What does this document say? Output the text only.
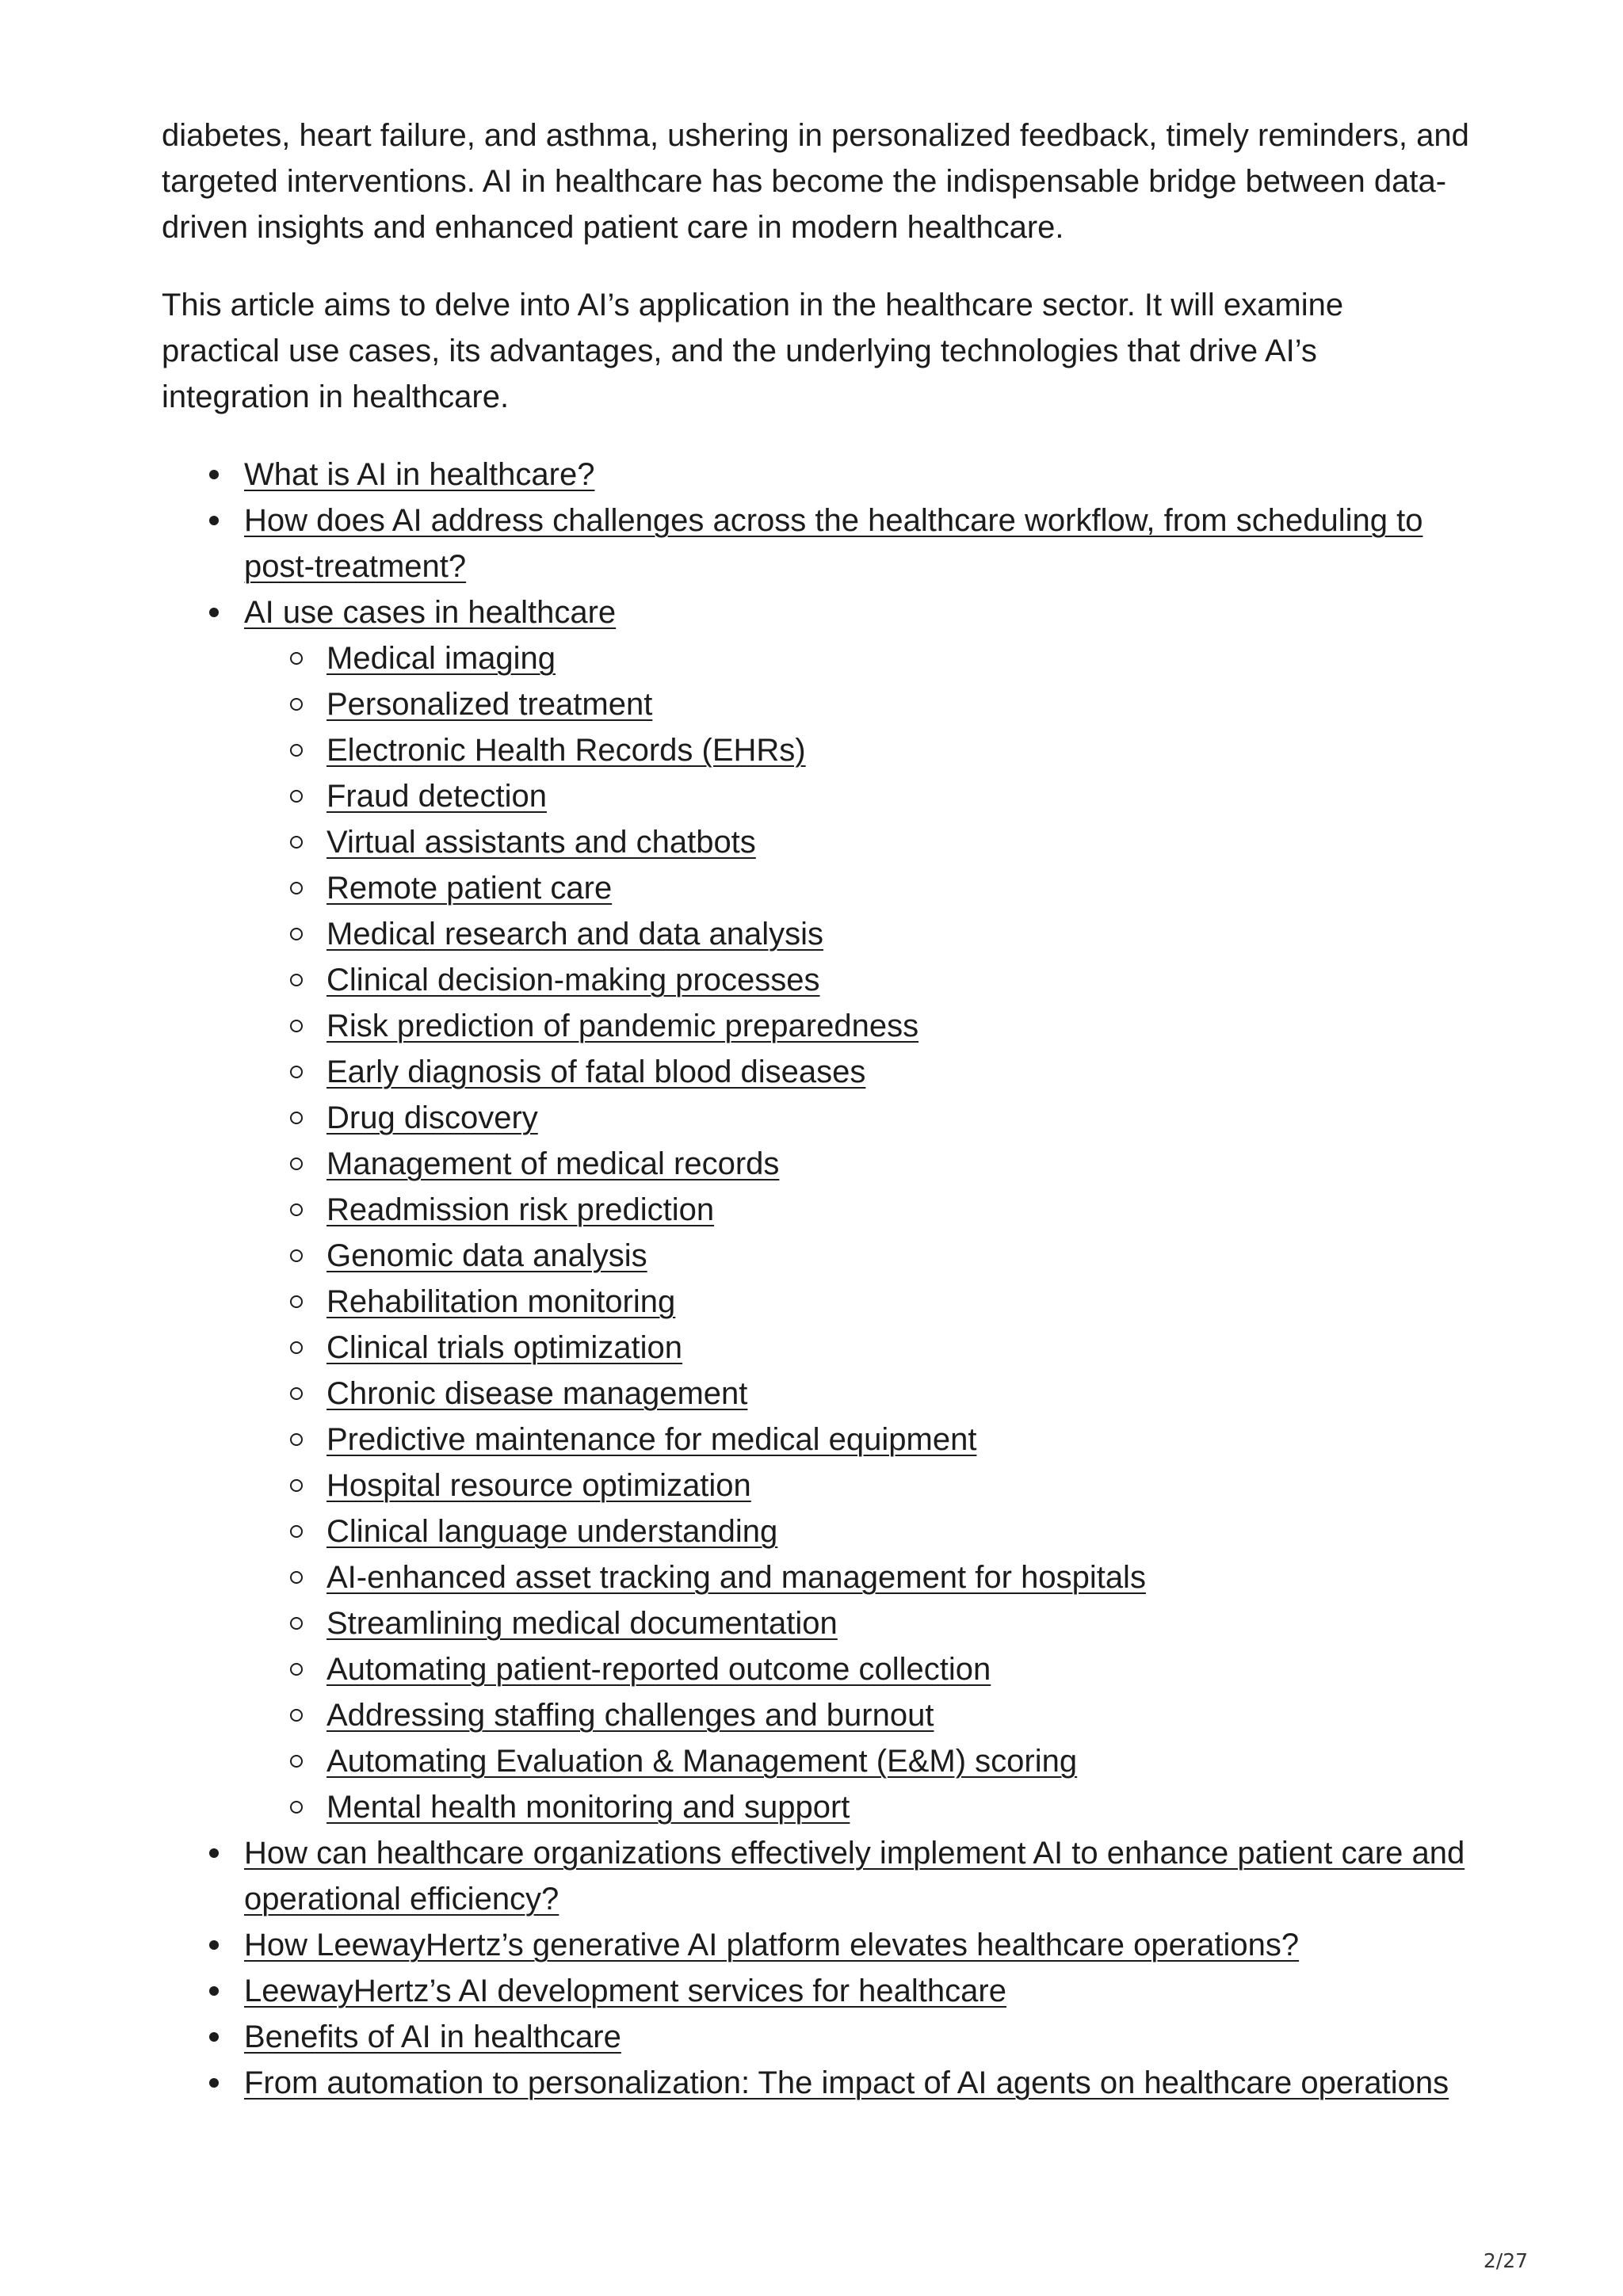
diabetes, heart failure, and asthma, ushering in personalized feedback, timely reminders, and targeted interventions. AI in healthcare has become the indispensable bridge between data-driven insights and enhanced patient care in modern healthcare.

This article aims to delve into AI’s application in the healthcare sector. It will examine practical use cases, its advantages, and the underlying technologies that drive AI’s integration in healthcare.

What is AI in healthcare?
How does AI address challenges across the healthcare workflow, from scheduling to post-treatment?
AI use cases in healthcare
Medical imaging
Personalized treatment
Electronic Health Records (EHRs)
Fraud detection
Virtual assistants and chatbots
Remote patient care
Medical research and data analysis
Clinical decision-making processes
Risk prediction of pandemic preparedness
Early diagnosis of fatal blood diseases
Drug discovery
Management of medical records
Readmission risk prediction
Genomic data analysis
Rehabilitation monitoring
Clinical trials optimization
Chronic disease management
Predictive maintenance for medical equipment
Hospital resource optimization
Clinical language understanding
AI-enhanced asset tracking and management for hospitals
Streamlining medical documentation
Automating patient-reported outcome collection
Addressing staffing challenges and burnout
Automating Evaluation & Management (E&M) scoring
Mental health monitoring and support
How can healthcare organizations effectively implement AI to enhance patient care and operational efficiency?
How LeewayHertz’s generative AI platform elevates healthcare operations?
LeewayHertz’s AI development services for healthcare
Benefits of AI in healthcare
From automation to personalization: The impact of AI agents on healthcare operations
2/27
